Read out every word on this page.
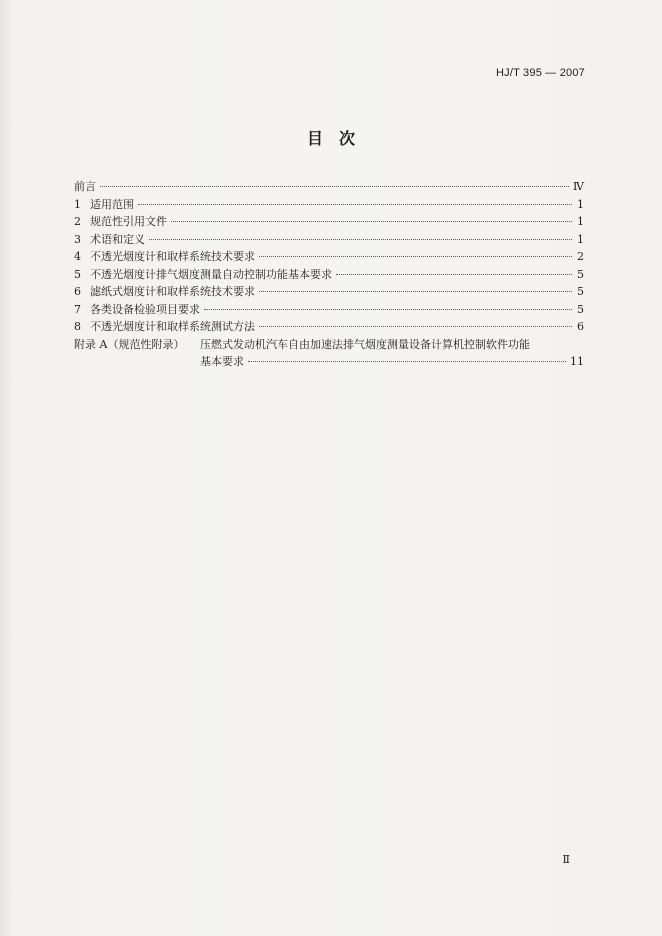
HJ/T 395 — 2007
目　次
前言	Ⅳ
1 适用范围	1
2 规范性引用文件	1
3 术语和定义	1
4 不透光烟度计和取样系统技术要求	2
5 不透光烟度计排气烟度测量自动控制功能基本要求	5
6 滤纸式烟度计和取样系统技术要求	5
7 各类设备检验项目要求	5
8 不透光烟度计和取样系统测试方法	6
附录 A（规范性附录）	压燃式发动机汽车自由加速法排气烟度测量设备计算机控制软件功能
基本要求	11
Ⅱ
